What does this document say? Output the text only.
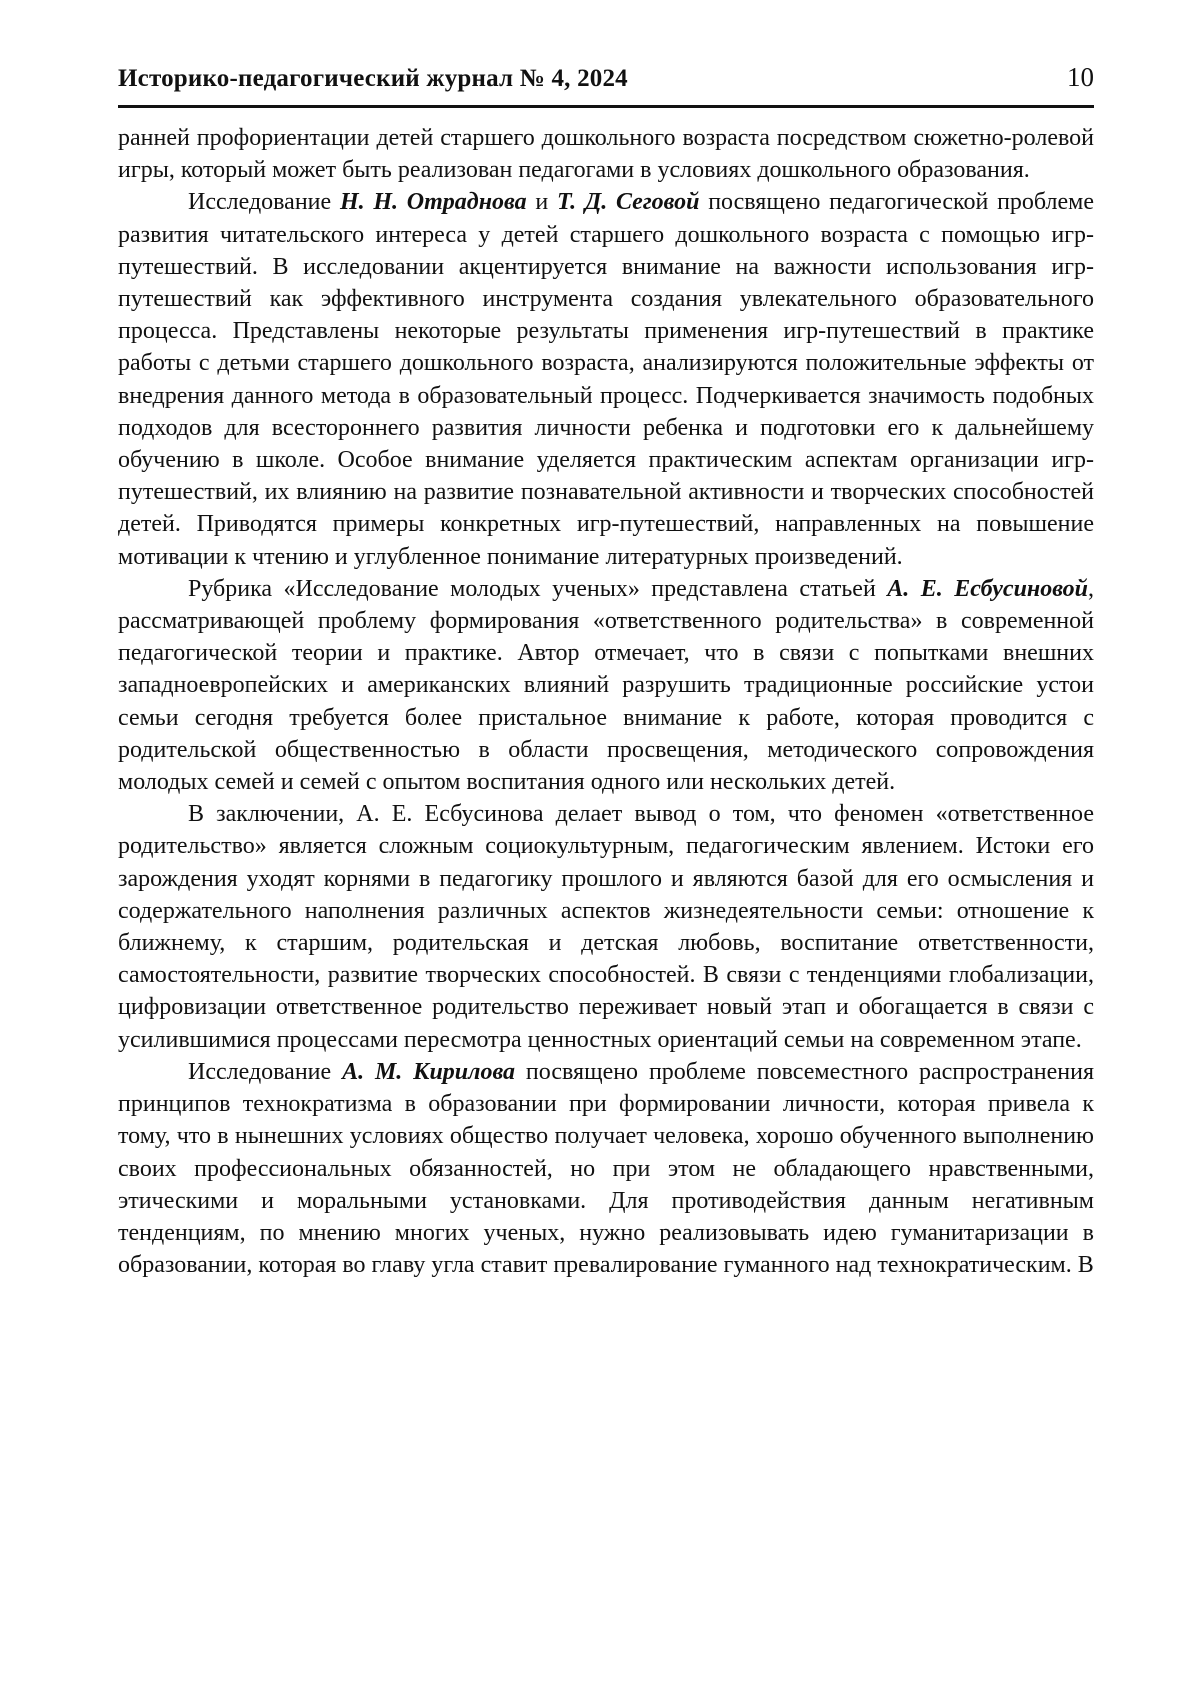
Историко-педагогический журнал № 4, 2024	10

ранней профориентации детей старшего дошкольного возраста посредством сюжетно-ролевой игры, который может быть реализован педагогами в условиях дошкольного образования.

Исследование Н. Н. Отраднова и Т. Д. Сеговой посвящено педагогической проблеме развития читательского интереса у детей старшего дошкольного возраста с помощью игр-путешествий. В исследовании акцентируется внимание на важности использования игр-путешествий как эффективного инструмента создания увлекательного образовательного процесса. Представлены некоторые результаты применения игр-путешествий в практике работы с детьми старшего дошкольного возраста, анализируются положительные эффекты от внедрения данного метода в образовательный процесс. Подчеркивается значимость подобных подходов для всестороннего развития личности ребенка и подготовки его к дальнейшему обучению в школе. Особое внимание уделяется практическим аспектам организации игр-путешествий, их влиянию на развитие познавательной активности и творческих способностей детей. Приводятся примеры конкретных игр-путешествий, направленных на повышение мотивации к чтению и углубленное понимание литературных произведений.

Рубрика «Исследование молодых ученых» представлена статьей А. Е. Есбусиновой, рассматривающей проблему формирования «ответственного родительства» в современной педагогической теории и практике. Автор отмечает, что в связи с попытками внешних западноевропейских и американских влияний разрушить традиционные российские устои семьи сегодня требуется более пристальное внимание к работе, которая проводится с родительской общественностью в области просвещения, методического сопровождения молодых семей и семей с опытом воспитания одного или нескольких детей.

В заключении, А. Е. Есбусинова делает вывод о том, что феномен «ответственное родительство» является сложным социокультурным, педагогическим явлением. Истоки его зарождения уходят корнями в педагогику прошлого и являются базой для его осмысления и содержательного наполнения различных аспектов жизнедеятельности семьи: отношение к ближнему, к старшим, родительская и детская любовь, воспитание ответственности, самостоятельности, развитие творческих способностей. В связи с тенденциями глобализации, цифровизации ответственное родительство переживает новый этап и обогащается в связи с усилившимися процессами пересмотра ценностных ориентаций семьи на современном этапе.

Исследование А. М. Кирилова посвящено проблеме повсеместного распространения принципов технократизма в образовании при формировании личности, которая привела к тому, что в нынешних условиях общество получает человека, хорошо обученного выполнению своих профессиональных обязанностей, но при этом не обладающего нравственными, этическими и моральными установками. Для противодействия данным негативным тенденциям, по мнению многих ученых, нужно реализовывать идею гуманитаризации в образовании, которая во главу угла ставит превалирование гуманного над технократическим. В
